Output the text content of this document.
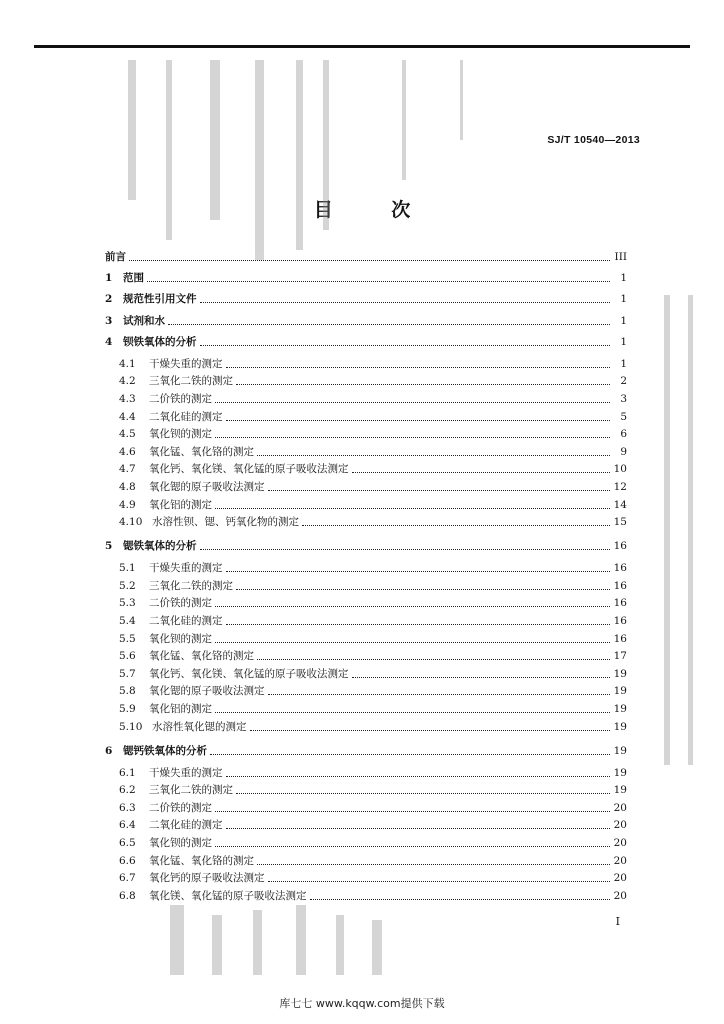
SJ/T 10540—2013
目 次
前言	III
1	范围	1
2	规范性引用文件	1
3	试剂和水	1
4	钡铁氧体的分析	1
4.1	干燥失重的测定	1
4.2	三氧化二铁的测定	2
4.3	二价铁的测定	3
4.4	二氧化硅的测定	5
4.5	氧化钡的测定	6
4.6	氧化锰、氧化铬的测定	9
4.7	氧化钙、氧化镁、氧化锰的原子吸收法测定	10
4.8	氧化锶的原子吸收法测定	12
4.9	氧化铝的测定	14
4.10 水溶性钡、锶、钙氧化物的测定	15
5	锶铁氧体的分析	16
5.1	干燥失重的测定	16
5.2	三氧化二铁的测定	16
5.3	二价铁的测定	16
5.4	二氧化硅的测定	16
5.5	氧化钡的测定	16
5.6	氧化锰、氧化铬的测定	17
5.7	氧化钙、氧化镁、氧化锰的原子吸收法测定	19
5.8	氧化锶的原子吸收法测定	19
5.9	氧化铝的测定	19
5.10 水溶性氧化锶的测定	19
6	锶钙铁氧体的分析	19
6.1	干燥失重的测定	19
6.2	三氧化二铁的测定	19
6.3	二价铁的测定	20
6.4	二氧化硅的测定	20
6.5	氧化钡的测定	20
6.6	氧化锰、氧化铬的测定	20
6.7	氧化钙的原子吸收法测定	20
6.8	氧化镁、氧化锰的原子吸收法测定	20
I
库七七 www.kqqw.com提供下载
